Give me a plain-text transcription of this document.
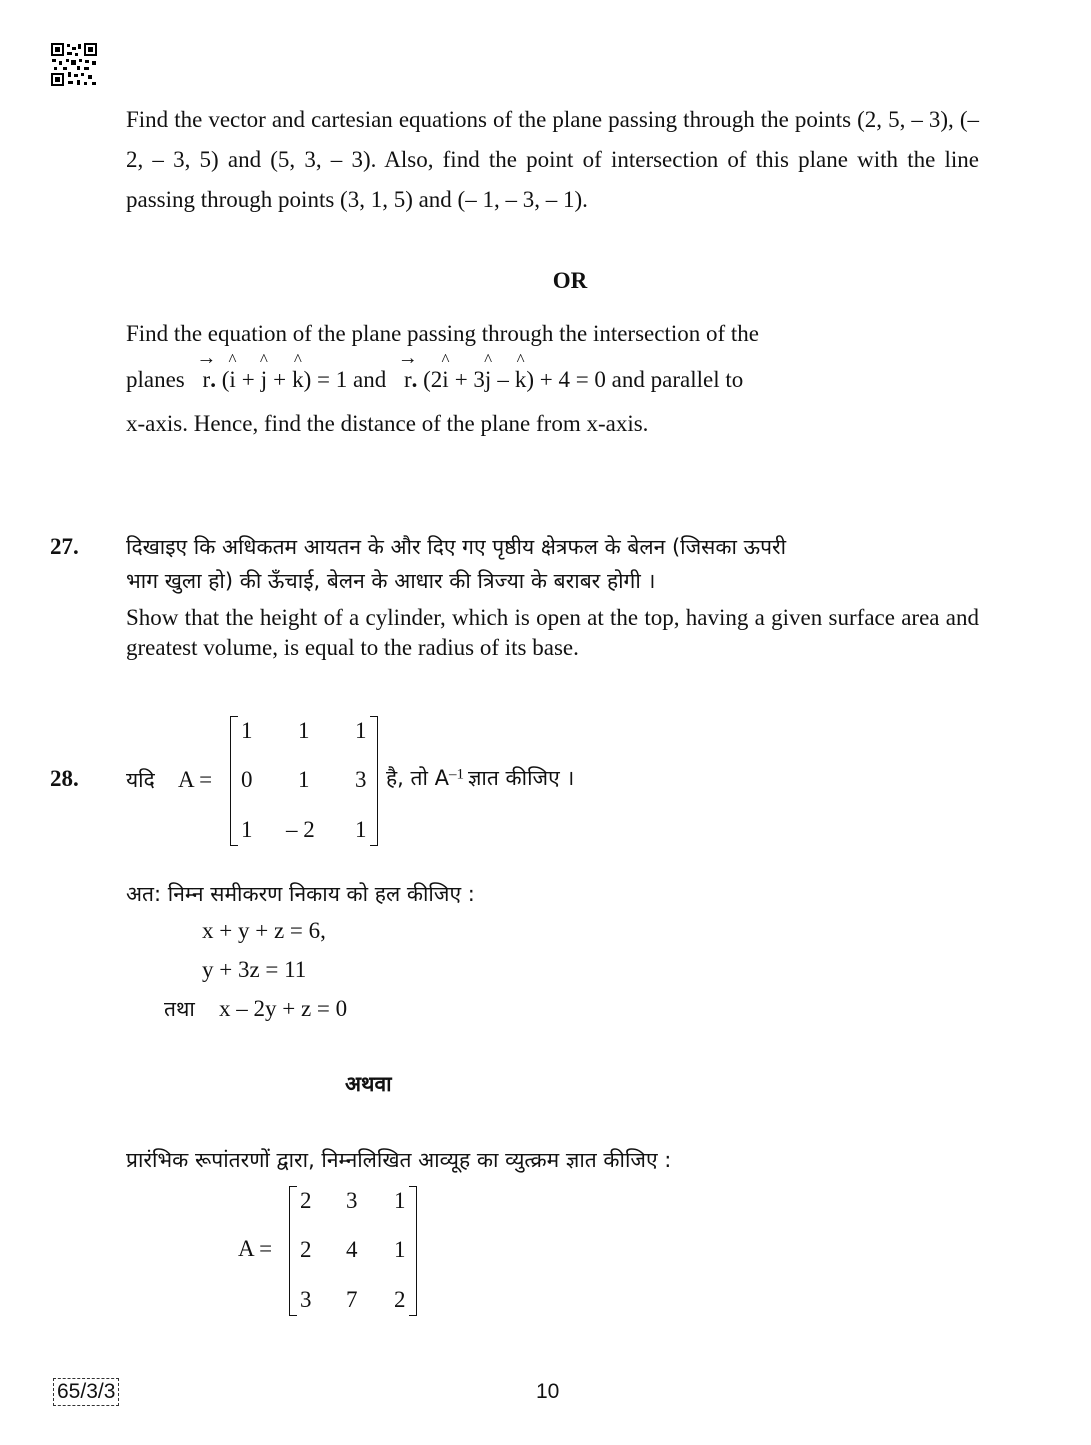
Find the vector and cartesian equations of the plane passing through the points (2, 5, – 3), (– 2, – 3, 5) and (5, 3, – 3). Also, find the point of intersection of this plane with the line passing through points (3, 1, 5) and (– 1, – 3, – 1).
OR
Find the equation of the plane passing through the intersection of the
planes → r. (^ i + ^ j + ^ k) = 1 and → r. (2^ i + 3^ j – ^ k) + 4 = 0 and parallel to
x-axis. Hence, find the distance of the plane from x-axis.
27. दिखाइए कि अधिकतम आयतन के और दिए गए पृष्ठीय क्षेत्रफल के बेलन (जिसका ऊपरी
भाग खुला हो) की ऊँचाई, बेलन के आधार की त्रिज्या के बराबर होगी ।
Show that the height of a cylinder, which is open at the top, having a given surface area and greatest volume, is equal to the radius of its base.
28. यदि A =
1 1 1
0 1 3
1 – 2 1
है, तो $A^{-1}$ ज्ञात कीजिए ।
अत: निम्न समीकरण निकाय को हल कीजिए :
x + y + z = 6,
y + 3z = 11
तथा x – 2y + z = 0
अथवा
प्रारंभिक रूपांतरणों द्वारा, निम्नलिखित आव्यूह का व्युत्क्रम ज्ञात कीजिए :
A =
2 3 1
2 4 1
3 7 2
65/3/3	10
